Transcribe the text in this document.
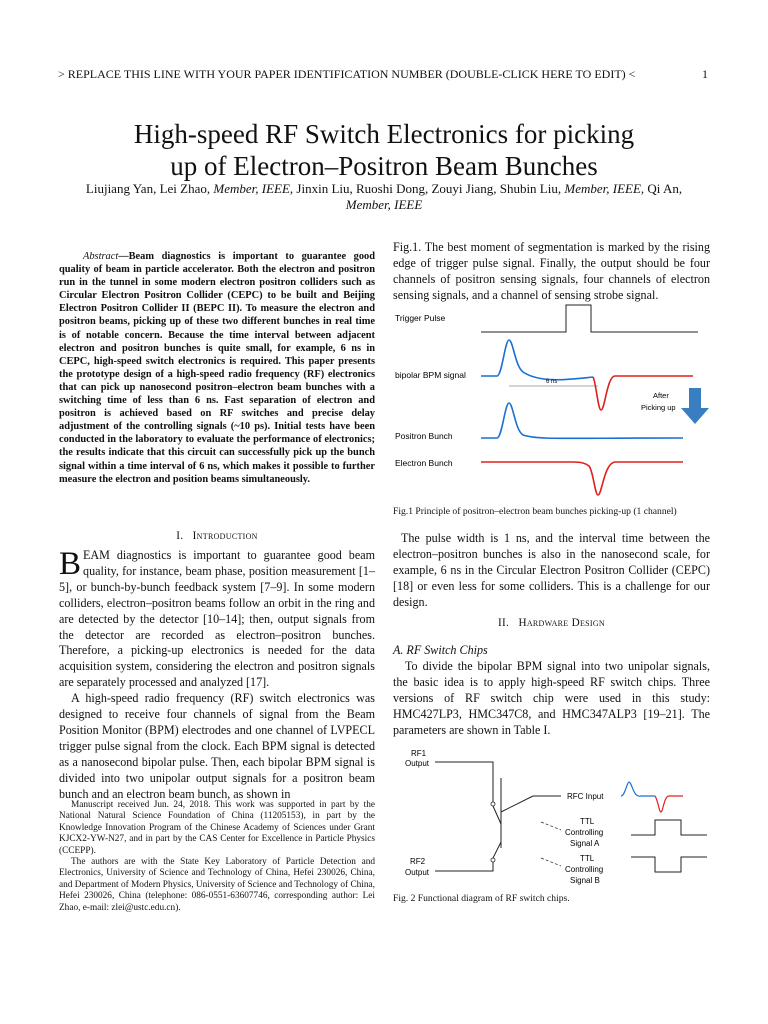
> REPLACE THIS LINE WITH YOUR PAPER IDENTIFICATION NUMBER (DOUBLE-CLICK HERE TO EDIT) <	1
High-speed RF Switch Electronics for picking
up of Electron–Positron Beam Bunches
Liujiang Yan, Lei Zhao, Member, IEEE, Jinxin Liu, Ruoshi Dong, Zouyi Jiang, Shubin Liu, Member, IEEE, Qi An, Member, IEEE
Abstract—Beam diagnostics is important to guarantee good quality of beam in particle accelerator. Both the electron and positron run in the tunnel in some modern electron positron colliders such as Circular Electron Positron Collider (CEPC) to be built and Beijing Electron Positron Collider II (BEPC II). To measure the electron and positron beams, picking up of these two different bunches in real time is of notable concern. Because the time interval between adjacent electron and positron bunches is quite small, for example, 6 ns in CEPC, high-speed switch electronics is required. This paper presents the prototype design of a high-speed radio frequency (RF) electronics that can pick up nanosecond positron–electron beam bunches with a switching time of less than 6 ns. Fast separation of electron and positron is achieved based on RF switches and precise delay adjustment of the controlling signals (~10 ps). Initial tests have been conducted in the laboratory to evaluate the performance of electronics; the results indicate that this circuit can successfully pick up the bunch signal within a time interval of 6 ns, which makes it possible to further measure the electron and position beams simultaneously.
I. Introduction

BEAM diagnostics is important to guarantee good beam quality, for instance, beam phase, position measurement [1–5], or bunch-by-bunch feedback system [7–9]. In some modern colliders, electron–positron beams follow an orbit in the ring and are detected by the detector [10–14]; then, output signals from the detector are recorded as electron–positron bunches. Therefore, a picking-up electronics is needed for the data acquisition system, considering the electron and positron signals are separately processed and analyzed [17].

A high-speed radio frequency (RF) switch electronics was designed to receive four channels of signal from the Beam Position Monitor (BPM) electrodes and one channel of LVPECL trigger pulse signal from the clock. Each BPM signal is detected as a nanosecond bipolar pulse. Then, each bipolar BPM signal is divided into two unipolar output signals for a positron beam bunch and an electron beam bunch, as shown in

Manuscript received Jun. 24, 2018. This work was supported in part by the National Natural Science Foundation of China (11205153), in part by the Knowledge Innovation Program of the Chinese Academy of Sciences under Grant KJCX2-YW-N27, and in part by the CAS Center for Excellence in Particle Physics (CCEPP).

The authors are with the State Key Laboratory of Particle Detection and Electronics, University of Science and Technology of China, Hefei 230026, China, and Department of Modern Physics, University of Science and Technology of China, Hefei 230026, China (telephone: 086-0551-63607746, corresponding author: Lei Zhao, e-mail: zlei@ustc.edu.cn).

Fig.1. The best moment of segmentation is marked by the rising edge of trigger pulse signal. Finally, the output should be four channels of positron sensing signals, four channels of electron sensing signals, and a channel of sensing strobe signal.
Trigger Pulse
bipolar BPM signal
6 ns
After
Picking up
Positron Bunch
Electron Bunch
Fig.1 Principle of positron–electron beam bunches picking-up (1 channel)
The pulse width is 1 ns, and the interval time between the electron–positron bunches is also in the nanosecond scale, for example, 6 ns in the Circular Electron Positron Collider (CEPC) [18] or even less for some colliders. This is a challenge for our design.
II. Hardware Design
A. RF Switch Chips
To divide the bipolar BPM signal into two unipolar signals, the basic idea is to apply high-speed RF switch chips. Three versions of RF switch chip were used in this study: HMC427LP3, HMC347C8, and HMC347ALP3 [19–21]. The parameters are shown in Table I.
RF1
Output
RFC Input
TTL
Controlling
Signal A
RF2
Output
TTL
Controlling
Signal B
Fig. 2 Functional diagram of RF switch chips.
